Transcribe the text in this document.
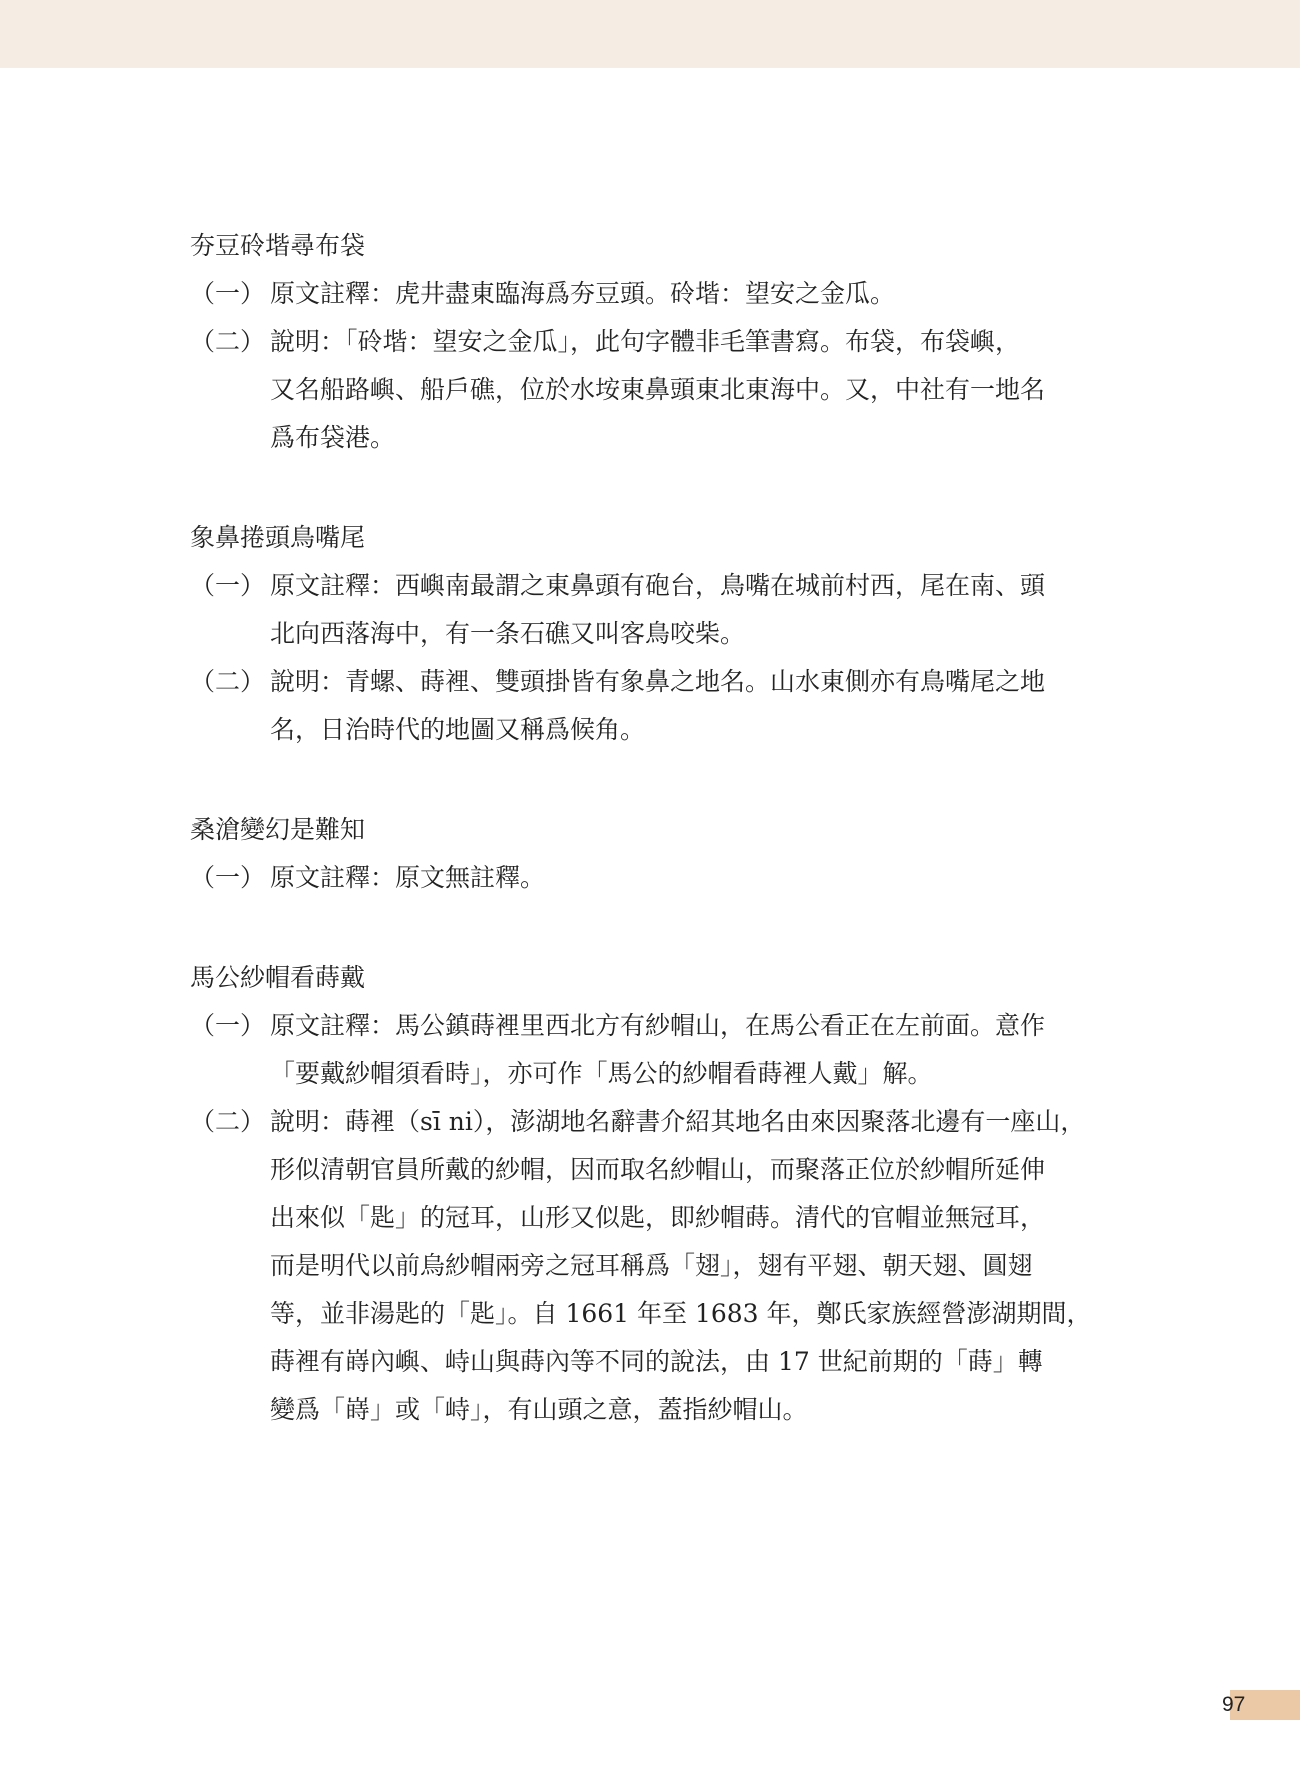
夯豆砱堦尋布袋
（一） 原文註釋：虎井盡東臨海爲夯豆頭。砱堦：望安之金瓜。
（二） 說明：「砱堦：望安之金瓜」，此句字體非毛筆書寫。布袋，布袋嶼，
又名船路嶼、船戶礁，位於水垵東鼻頭東北東海中。又，中社有一地名
爲布袋港。
象鼻捲頭鳥嘴尾
（一） 原文註釋：西嶼南最謂之東鼻頭有砲台，鳥嘴在城前村西，尾在南、頭
北向西落海中，有一条石礁又叫客鳥咬柴。
（二） 說明：青螺、蒔裡、雙頭掛皆有象鼻之地名。山水東側亦有鳥嘴尾之地
名，日治時代的地圖又稱爲候角。
桑滄變幻是難知
（一） 原文註釋：原文無註釋。
馬公紗帽看蒔戴
（一） 原文註釋：馬公鎮蒔裡里西北方有紗帽山，在馬公看正在左前面。意作
「要戴紗帽須看時」，亦可作「馬公的紗帽看蒔裡人戴」解。
（二） 說明：蒔裡（sī ni），澎湖地名辭書介紹其地名由來因聚落北邊有一座山，
形似清朝官員所戴的紗帽，因而取名紗帽山，而聚落正位於紗帽所延伸
出來似「匙」的冠耳，山形又似匙，即紗帽蒔。清代的官帽並無冠耳，
而是明代以前烏紗帽兩旁之冠耳稱爲「翅」，翅有平翅、朝天翅、圓翅
等，並非湯匙的「匙」。自 1661 年至 1683 年，鄭氏家族經營澎湖期間，
蒔裡有嵵內嶼、峙山與蒔內等不同的說法，由 17 世紀前期的「蒔」轉
變爲「嵵」或「峙」，有山頭之意，蓋指紗帽山。
97
